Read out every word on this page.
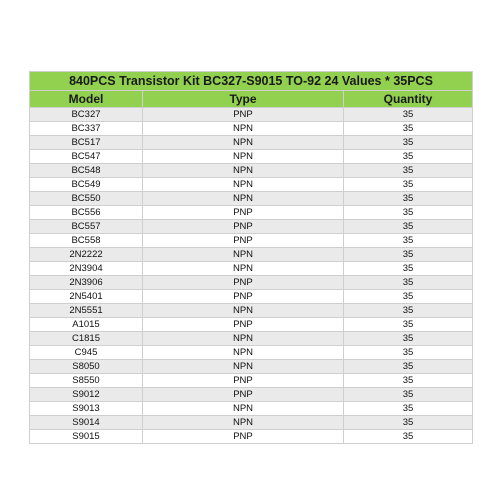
840PCS Transistor Kit BC327-S9015 TO-92 24 Values * 35PCS		
Model	Type	Quantity
BC327	PNP	35
BC337	NPN	35
BC517	NPN	35
BC547	NPN	35
BC548	NPN	35
BC549	NPN	35
BC550	NPN	35
BC556	PNP	35
BC557	PNP	35
BC558	PNP	35
2N2222	NPN	35
2N3904	NPN	35
2N3906	PNP	35
2N5401	PNP	35
2N5551	NPN	35
A1015	PNP	35
C1815	NPN	35
C945	NPN	35
S8050	NPN	35
S8550	PNP	35
S9012	PNP	35
S9013	NPN	35
S9014	NPN	35
S9015	PNP	35
